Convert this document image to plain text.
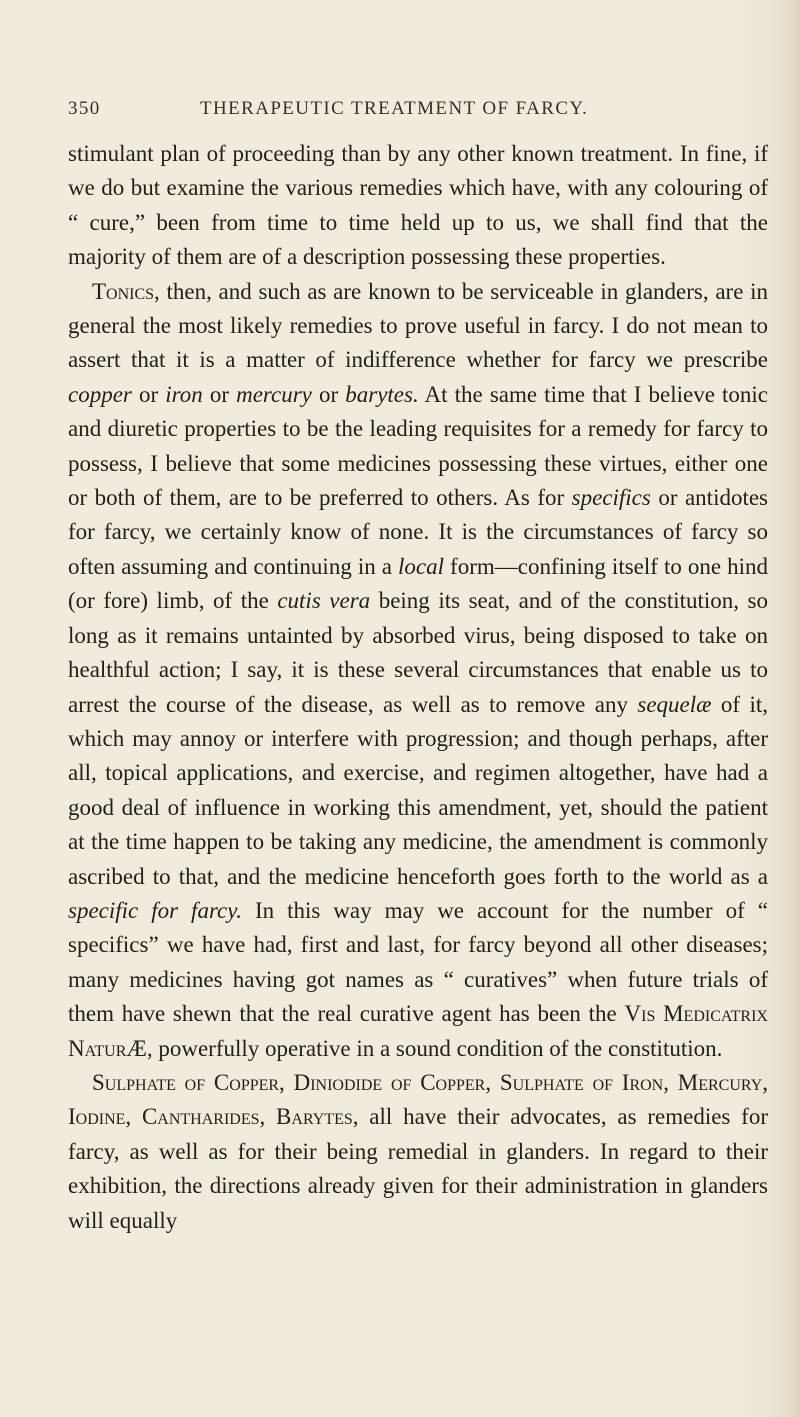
350	THERAPEUTIC TREATMENT OF FARCY.

stimulant plan of proceeding than by any other known treatment. In fine, if we do but examine the various remedies which have, with any colouring of “ cure,” been from time to time held up to us, we shall find that the majority of them are of a description possessing these properties.

Tonics, then, and such as are known to be serviceable in glanders, are in general the most likely remedies to prove useful in farcy. I do not mean to assert that it is a matter of indifference whether for farcy we prescribe copper or iron or mercury or barytes. At the same time that I believe tonic and diuretic properties to be the leading requisites for a remedy for farcy to possess, I believe that some medicines possessing these virtues, either one or both of them, are to be preferred to others. As for specifics or antidotes for farcy, we certainly know of none. It is the circumstances of farcy so often assuming and continuing in a local form—confining itself to one hind (or fore) limb, of the cutis vera being its seat, and of the constitution, so long as it remains untainted by absorbed virus, being disposed to take on healthful action; I say, it is these several circumstances that enable us to arrest the course of the disease, as well as to remove any sequelæ of it, which may annoy or interfere with progression; and though perhaps, after all, topical applications, and exercise, and regimen altogether, have had a good deal of influence in working this amendment, yet, should the patient at the time happen to be taking any medicine, the amendment is commonly ascribed to that, and the medicine henceforth goes forth to the world as a specific for farcy. In this way may we account for the number of “ specifics” we have had, first and last, for farcy beyond all other diseases; many medicines having got names as “ curatives” when future trials of them have shewn that the real curative agent has been the Vis Medicatrix NaturÆ, powerfully operative in a sound condition of the constitution.

Sulphate of Copper, Diniodide of Copper, Sulphate of Iron, Mercury, Iodine, Cantharides, Barytes, all have their advocates, as remedies for farcy, as well as for their being remedial in glanders. In regard to their exhibition, the directions already given for their administration in glanders will equally
